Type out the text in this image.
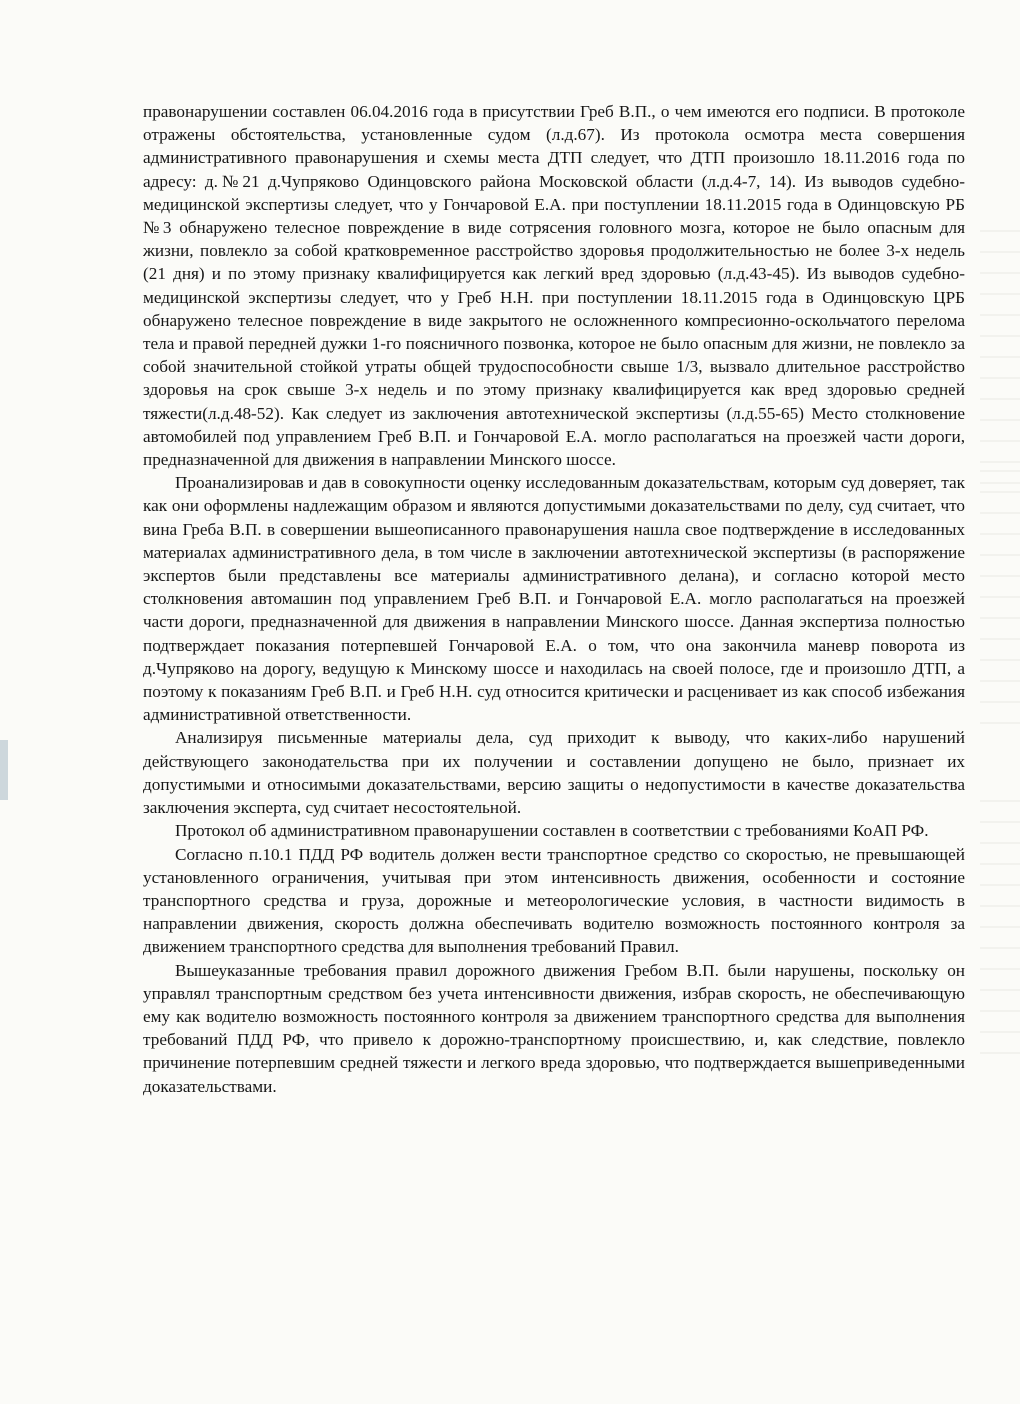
правонарушении составлен 06.04.2016 года в присутствии Греб В.П., о чем имеются его подписи. В протоколе отражены обстоятельства, установленные судом (л.д.67). Из протокола осмотра места совершения административного правонарушения и схемы места ДТП следует, что ДТП произошло 18.11.2016 года по адресу: д.№21 д.Чупряково Одинцовского района Московской области (л.д.4-7, 14). Из выводов судебно-медицинской экспертизы следует, что у Гончаровой Е.А. при поступлении 18.11.2015 года в Одинцовскую РБ №3 обнаружено телесное повреждение в виде сотрясения головного мозга, которое не было опасным для жизни, повлекло за собой кратковременное расстройство здоровья продолжительностью не более 3-х недель (21 дня) и по этому признаку квалифицируется как легкий вред здоровью (л.д.43-45). Из выводов судебно-медицинской экспертизы следует, что у Греб Н.Н. при поступлении 18.11.2015 года в Одинцовскую ЦРБ обнаружено телесное повреждение в виде закрытого не осложненного компресионно-оскольчатого перелома тела и правой передней дужки 1-го поясничного позвонка, которое не было опасным для жизни, не повлекло за собой значительной стойкой утраты общей трудоспособности свыше 1/3, вызвало длительное расстройство здоровья на срок свыше 3-х недель и по этому признаку квалифицируется как вред здоровью средней тяжести(л.д.48-52). Как следует из заключения автотехнической экспертизы (л.д.55-65) Место столкновение автомобилей под управлением Греб В.П. и Гончаровой Е.А. могло располагаться на проезжей части дороги, предназначенной для движения в направлении Минского шоссе.

Проанализировав и дав в совокупности оценку исследованным доказательствам, которым суд доверяет, так как они оформлены надлежащим образом и являются допустимыми доказательствами по делу, суд считает, что вина Греба В.П. в совершении вышеописанного правонарушения нашла свое подтверждение в исследованных материалах административного дела, в том числе в заключении автотехнической экспертизы (в распоряжение экспертов были представлены все материалы административного делана), и согласно которой место столкновения автомашин под управлением Греб В.П. и Гончаровой Е.А. могло располагаться на проезжей части дороги, предназначенной для движения в направлении Минского шоссе. Данная экспертиза полностью подтверждает показания потерпевшей Гончаровой Е.А. о том, что она закончила маневр поворота из д.Чупряково на дорогу, ведущую к Минскому шоссе и находилась на своей полосе, где и произошло ДТП, а поэтому к показаниям Греб В.П. и Греб Н.Н. суд относится критически и расценивает из как способ избежания административной ответственности.

Анализируя письменные материалы дела, суд приходит к выводу, что каких-либо нарушений действующего законодательства при их получении и составлении допущено не было, признает их допустимыми и относимыми доказательствами, версию защиты о недопустимости в качестве доказательства заключения эксперта, суд считает несостоятельной.

Протокол об административном правонарушении составлен в соответствии с требованиями КоАП РФ.

Согласно п.10.1 ПДД РФ водитель должен вести транспортное средство со скоростью, не превышающей установленного ограничения, учитывая при этом интенсивность движения, особенности и состояние транспортного средства и груза, дорожные и метеорологические условия, в частности видимость в направлении движения, скорость должна обеспечивать водителю возможность постоянного контроля за движением транспортного средства для выполнения требований Правил.

Вышеуказанные требования правил дорожного движения Гребом В.П. были нарушены, поскольку он управлял транспортным средством без учета интенсивности движения, избрав скорость, не обеспечивающую ему как водителю возможность постоянного контроля за движением транспортного средства для выполнения требований ПДД РФ, что привело к дорожно-транспортному происшествию, и, как следствие, повлекло причинение потерпевшим средней тяжести и легкого вреда здоровью, что подтверждается вышеприведенными доказательствами.
